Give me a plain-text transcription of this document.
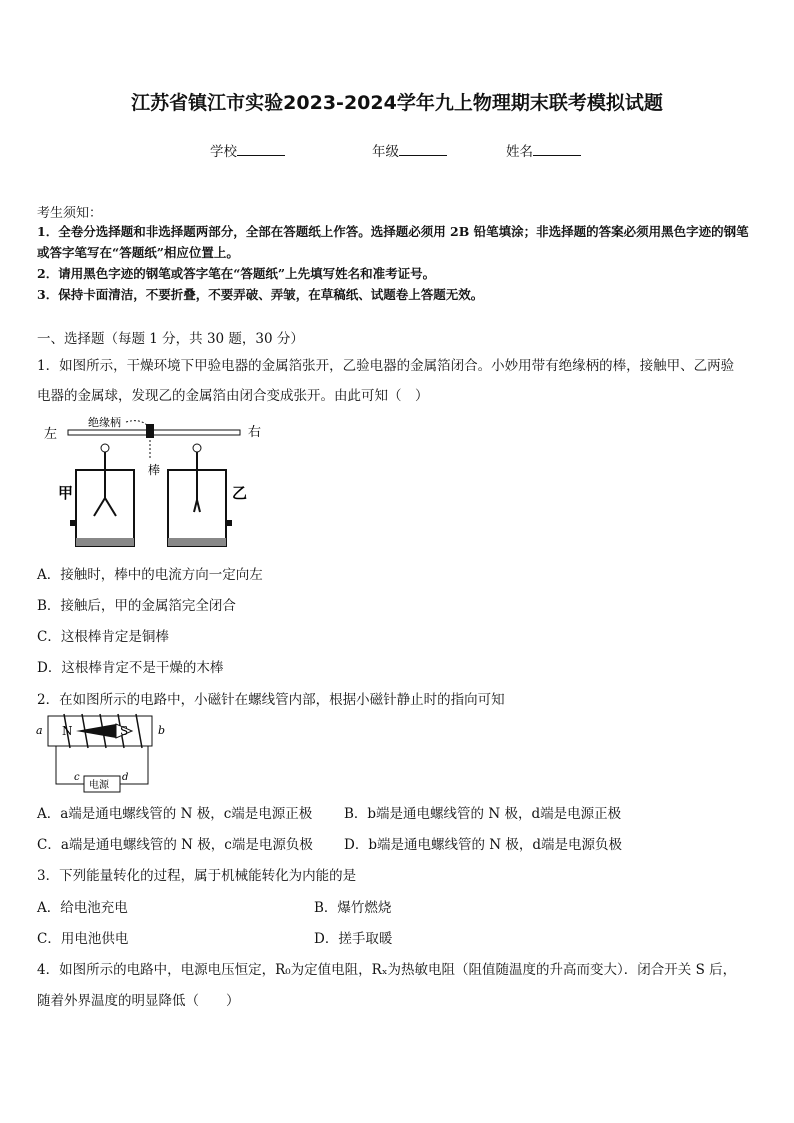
江苏省镇江市实验2023-2024学年九上物理期末联考模拟试题
学校	年级	姓名
考生须知：
1．全卷分选择题和非选择题两部分，全部在答题纸上作答。选择题必须用 2B 铅笔填涂；非选择题的答案必须用黑色字迹的钢笔或答字笔写在“答题纸”相应位置上。
2．请用黑色字迹的钢笔或答字笔在“答题纸”上先填写姓名和准考证号。
3．保持卡面清洁，不要折叠，不要弄破、弄皱，在草稿纸、试题卷上答题无效。
一、选择题（每题 1 分，共 30 题，30 分）
1．如图所示，干燥环境下甲验电器的金属箔张开，乙验电器的金属箔闭合。小妙用带有绝缘柄的棒，接触甲、乙两验
电器的金属球，发现乙的金属箔由闭合变成张开。由此可知（　）
左	右
绝缘柄
棒
甲	乙
A．接触时，棒中的电流方向一定向左
B．接触后，甲的金属箔完全闭合
C．这根棒肯定是铜棒
D．这根棒肯定不是干燥的木棒
2．在如图所示的电路中，小磁针在螺线管内部，根据小磁针静止时的指向可知
a	b
N	S
电源
c	d
A．a端是通电螺线管的 N 极，c端是电源正极 B．b端是通电螺线管的 N 极，d端是电源正极
C．a端是通电螺线管的 N 极，c端是电源负极 D．b端是通电螺线管的 N 极，d端是电源负极
3．下列能量转化的过程，属于机械能转化为内能的是
A．给电池充电	B．爆竹燃烧
C．用电池供电	D．搓手取暖
4．如图所示的电路中，电源电压恒定，R₀为定值电阻，Rₓ为热敏电阻（阻值随温度的升高而变大）．闭合开关 S 后，
随着外界温度的明显降低（　　）
